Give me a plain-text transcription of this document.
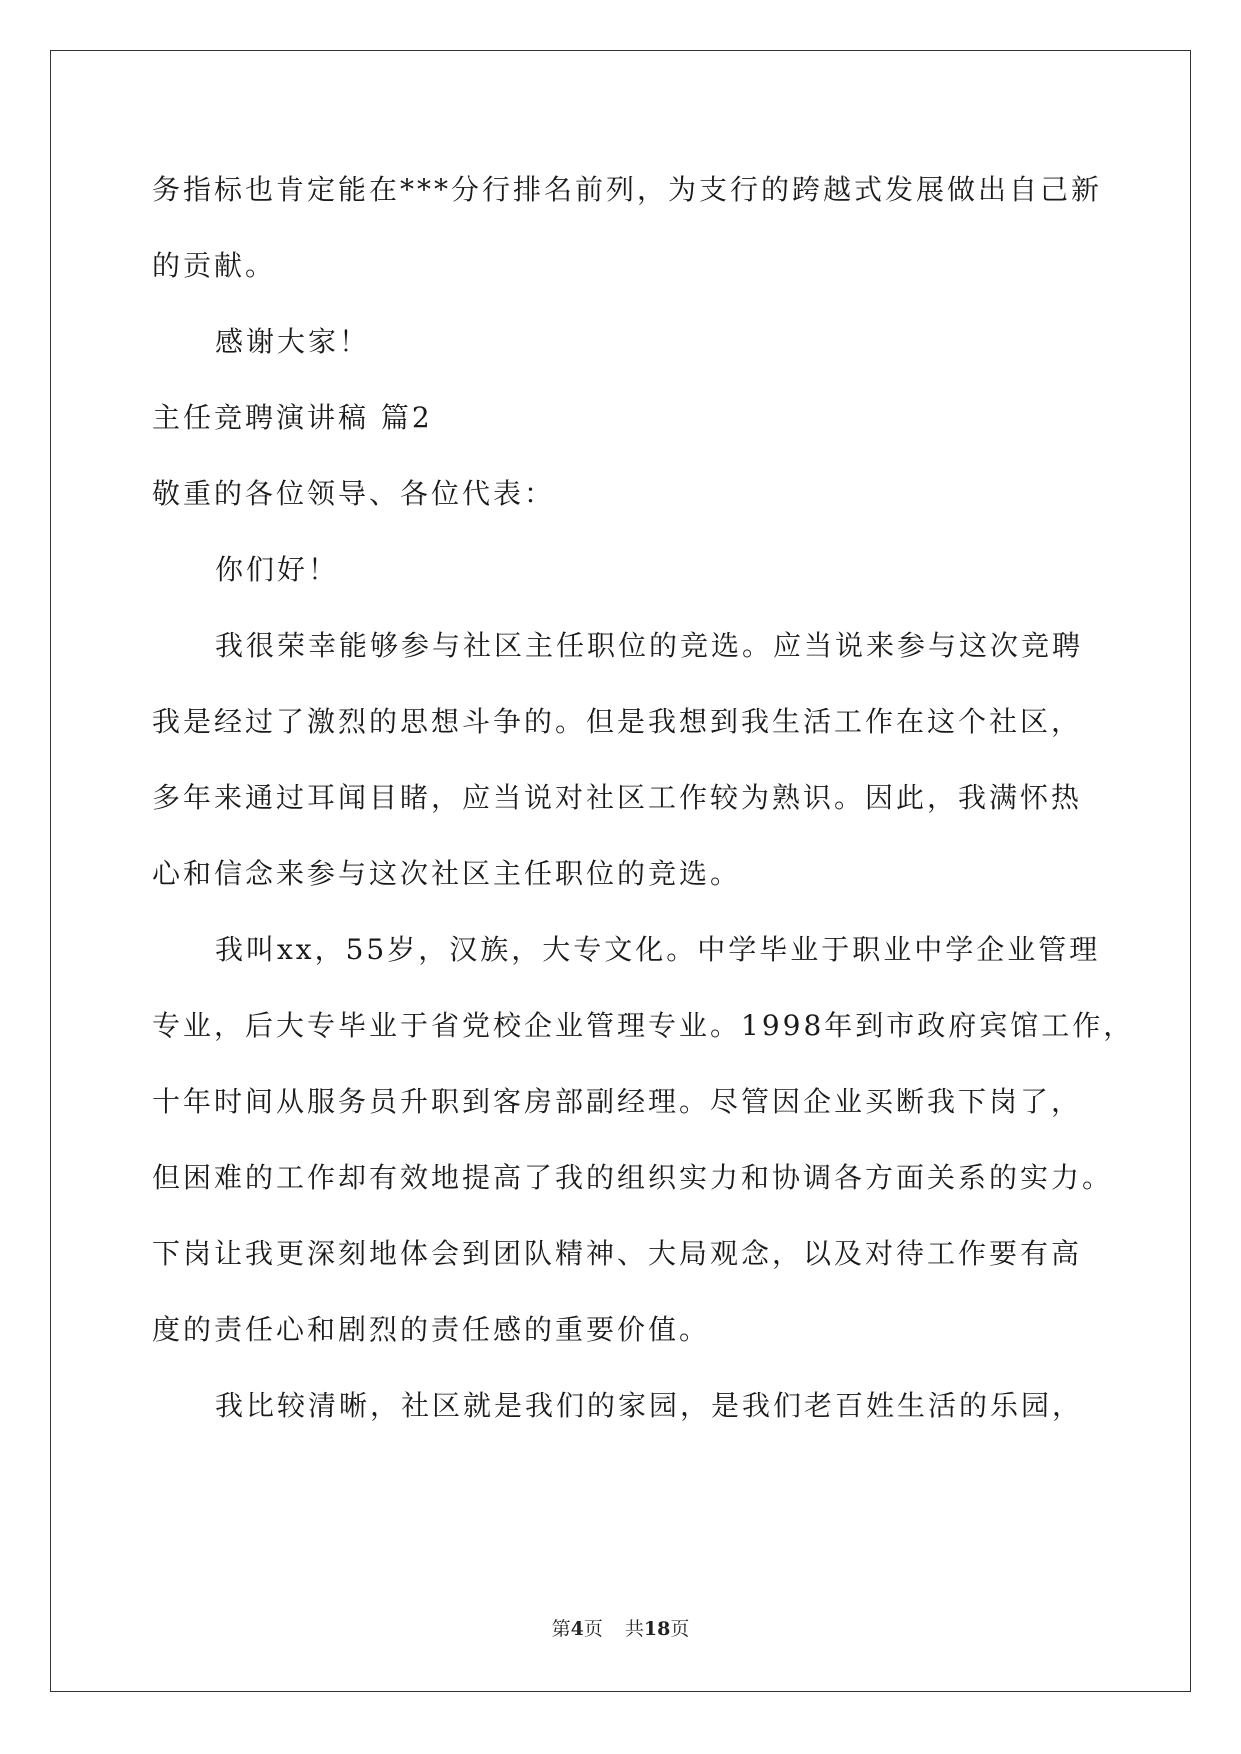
务指标也肯定能在***分行排名前列，为支行的跨越式发展做出自己新
的贡献。
感谢大家！
主任竞聘演讲稿 篇2
敬重的各位领导、各位代表：
你们好！
我很荣幸能够参与社区主任职位的竞选。应当说来参与这次竞聘
我是经过了激烈的思想斗争的。但是我想到我生活工作在这个社区，
多年来通过耳闻目睹，应当说对社区工作较为熟识。因此，我满怀热
心和信念来参与这次社区主任职位的竞选。
我叫xx，55岁，汉族，大专文化。中学毕业于职业中学企业管理
专业，后大专毕业于省党校企业管理专业。1998年到市政府宾馆工作，
十年时间从服务员升职到客房部副经理。尽管因企业买断我下岗了，
但困难的工作却有效地提高了我的组织实力和协调各方面关系的实力。
下岗让我更深刻地体会到团队精神、大局观念，以及对待工作要有高
度的责任心和剧烈的责任感的重要价值。
我比较清晰，社区就是我们的家园，是我们老百姓生活的乐园，
第4页 共18页
